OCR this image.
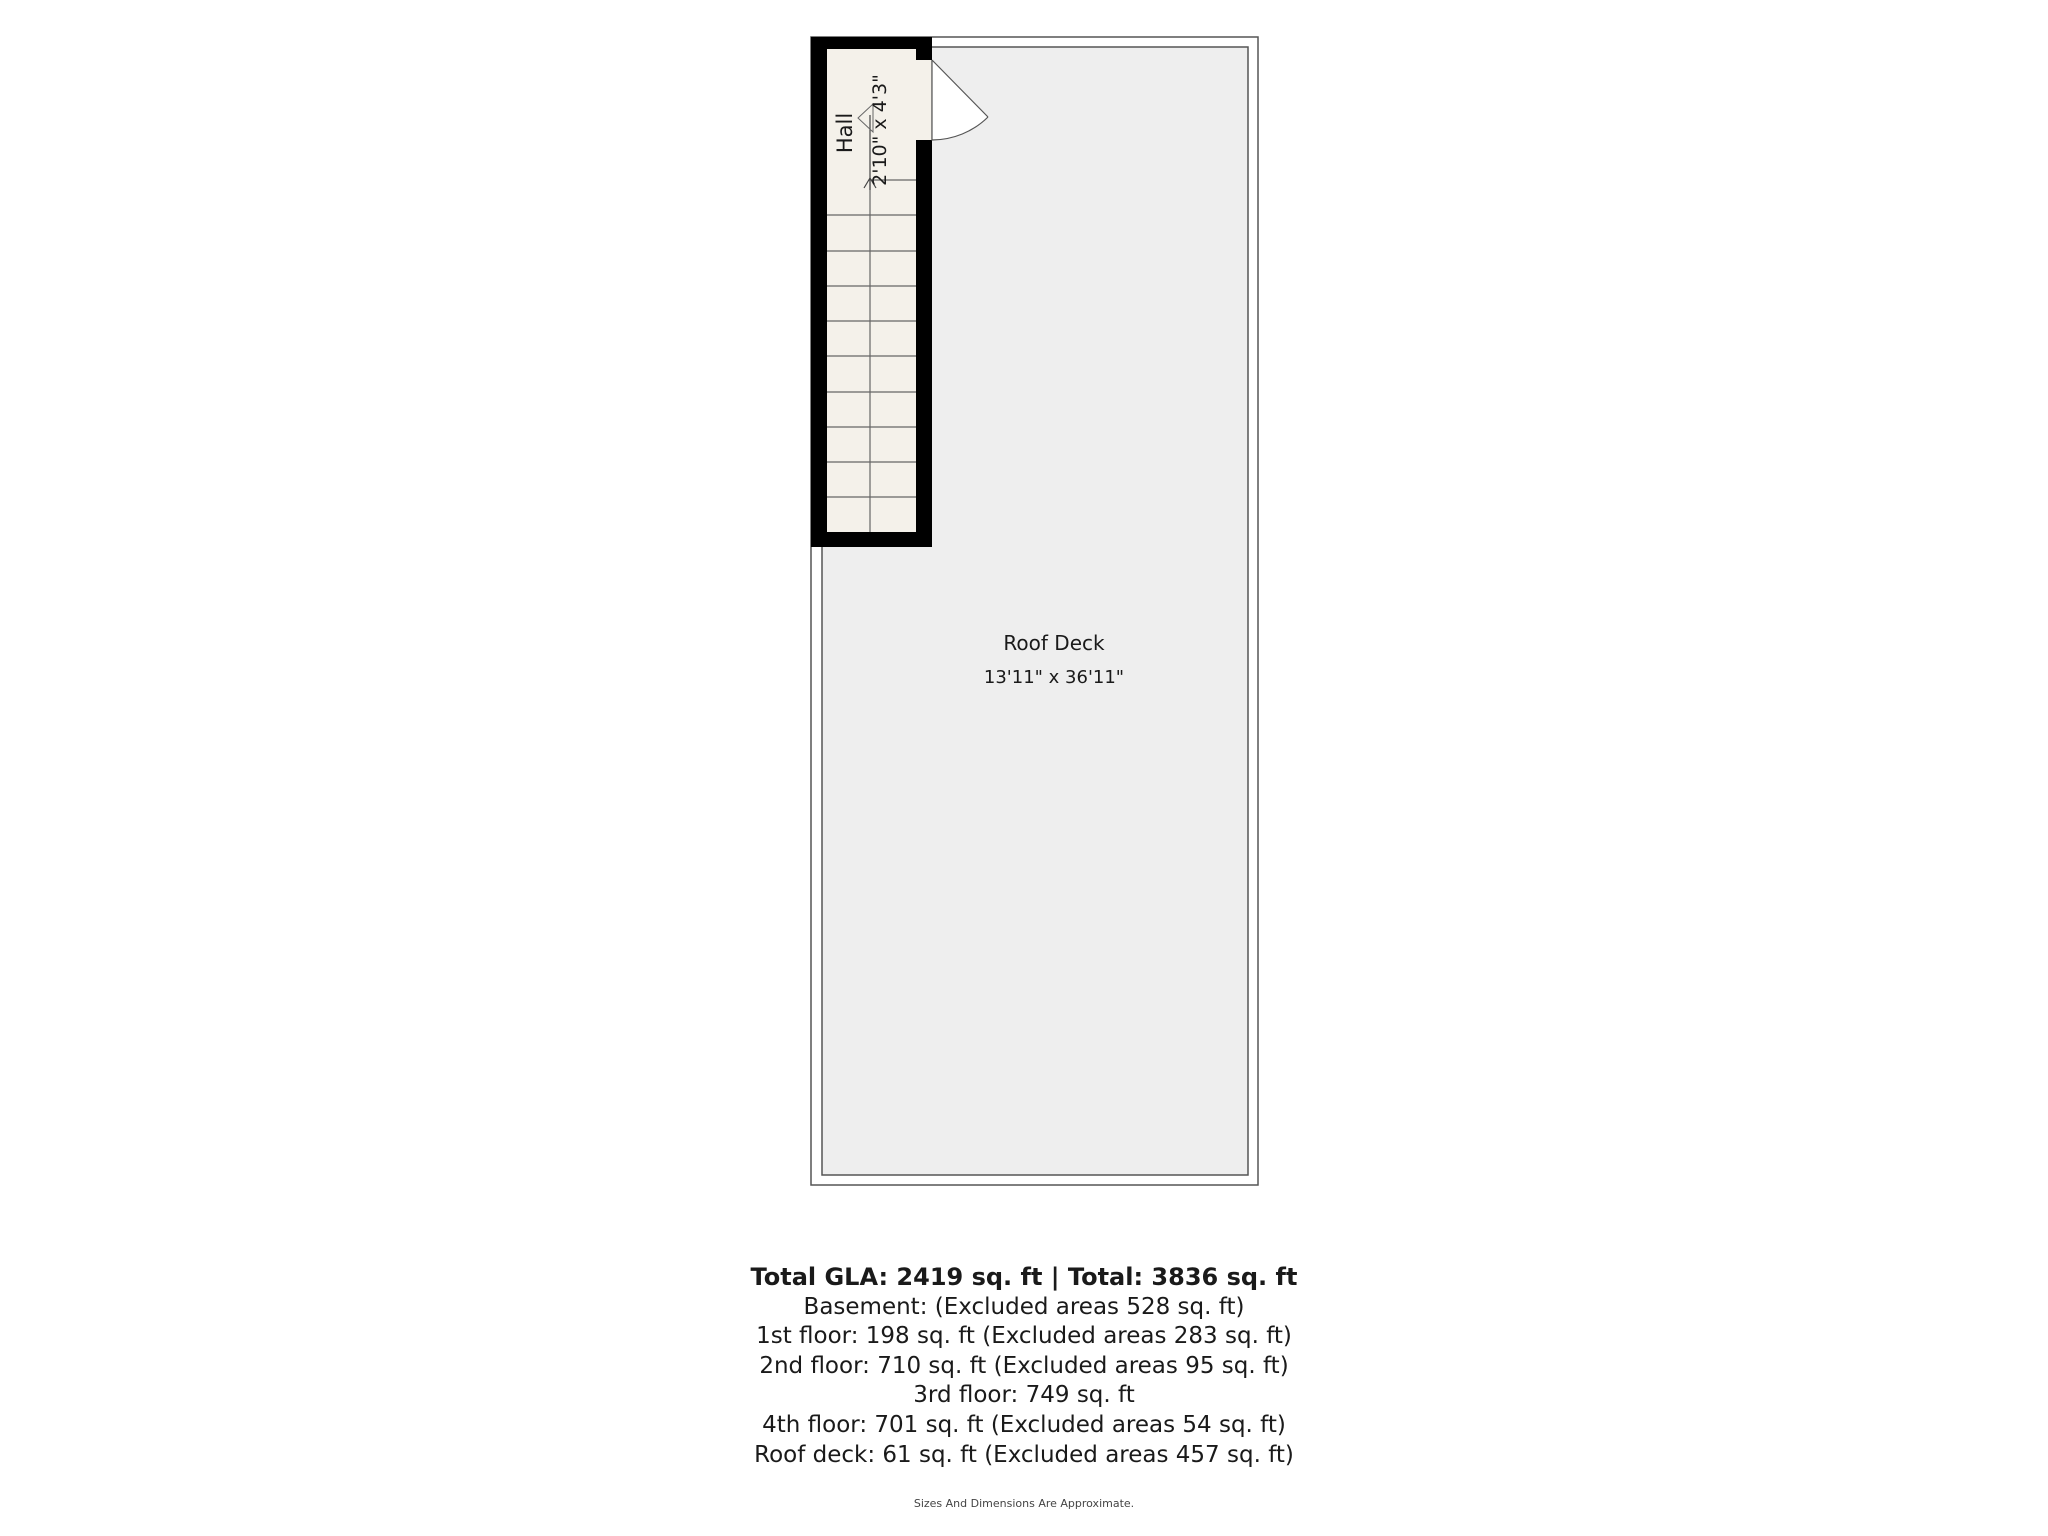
Hall 2'10" x 4'3"
Roof Deck
13'11" x 36'11"
Total GLA: 2419 sq. ft | Total: 3836 sq. ft
Basement: (Excluded areas 528 sq. ft)
1st floor: 198 sq. ft (Excluded areas 283 sq. ft)
2nd floor: 710 sq. ft (Excluded areas 95 sq. ft)
3rd floor: 749 sq. ft
4th floor: 701 sq. ft (Excluded areas 54 sq. ft)
Roof deck: 61 sq. ft (Excluded areas 457 sq. ft)
Sizes And Dimensions Are Approximate.
